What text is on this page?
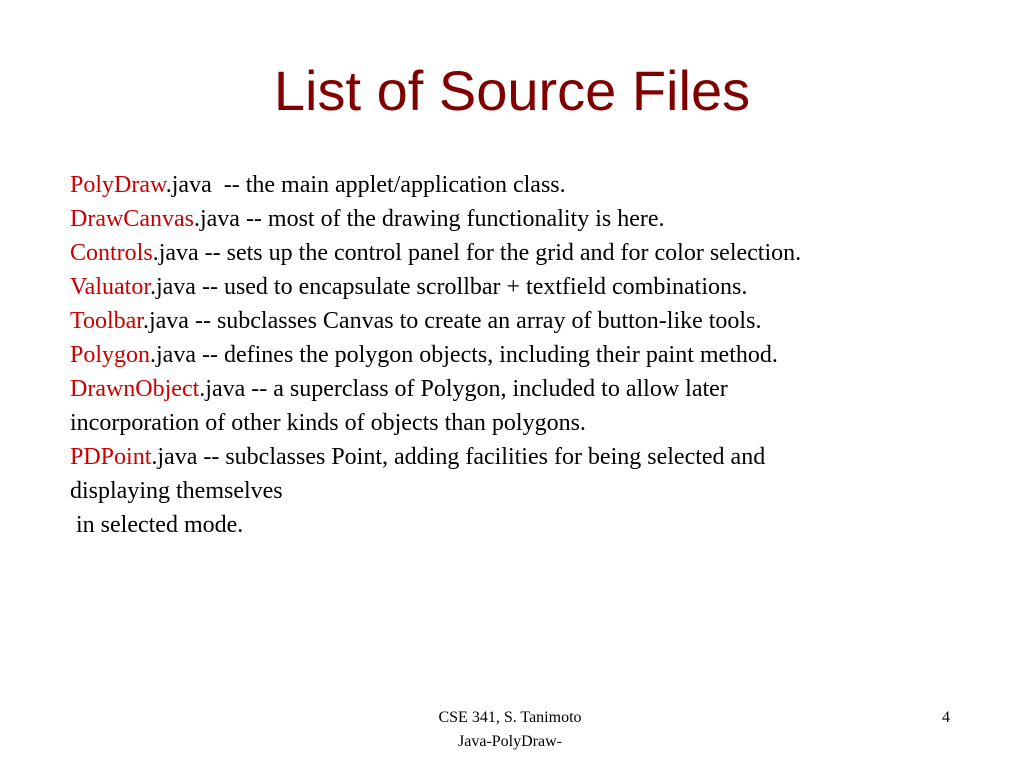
List of Source Files
PolyDraw.java  -- the main applet/application class.
DrawCanvas.java -- most of the drawing functionality is here.
Controls.java -- sets up the control panel for the grid and for color selection.
Valuator.java -- used to encapsulate scrollbar + textfield combinations.
Toolbar.java -- subclasses Canvas to create an array of button-like tools.
Polygon.java -- defines the polygon objects, including their paint method.
DrawnObject.java -- a superclass of Polygon, included to allow later
incorporation of other kinds of objects than polygons.
PDPoint.java -- subclasses Point, adding facilities for being selected and
displaying themselves
in selected mode.
CSE 341, S. Tanimoto
Java-PolyDraw-
4
